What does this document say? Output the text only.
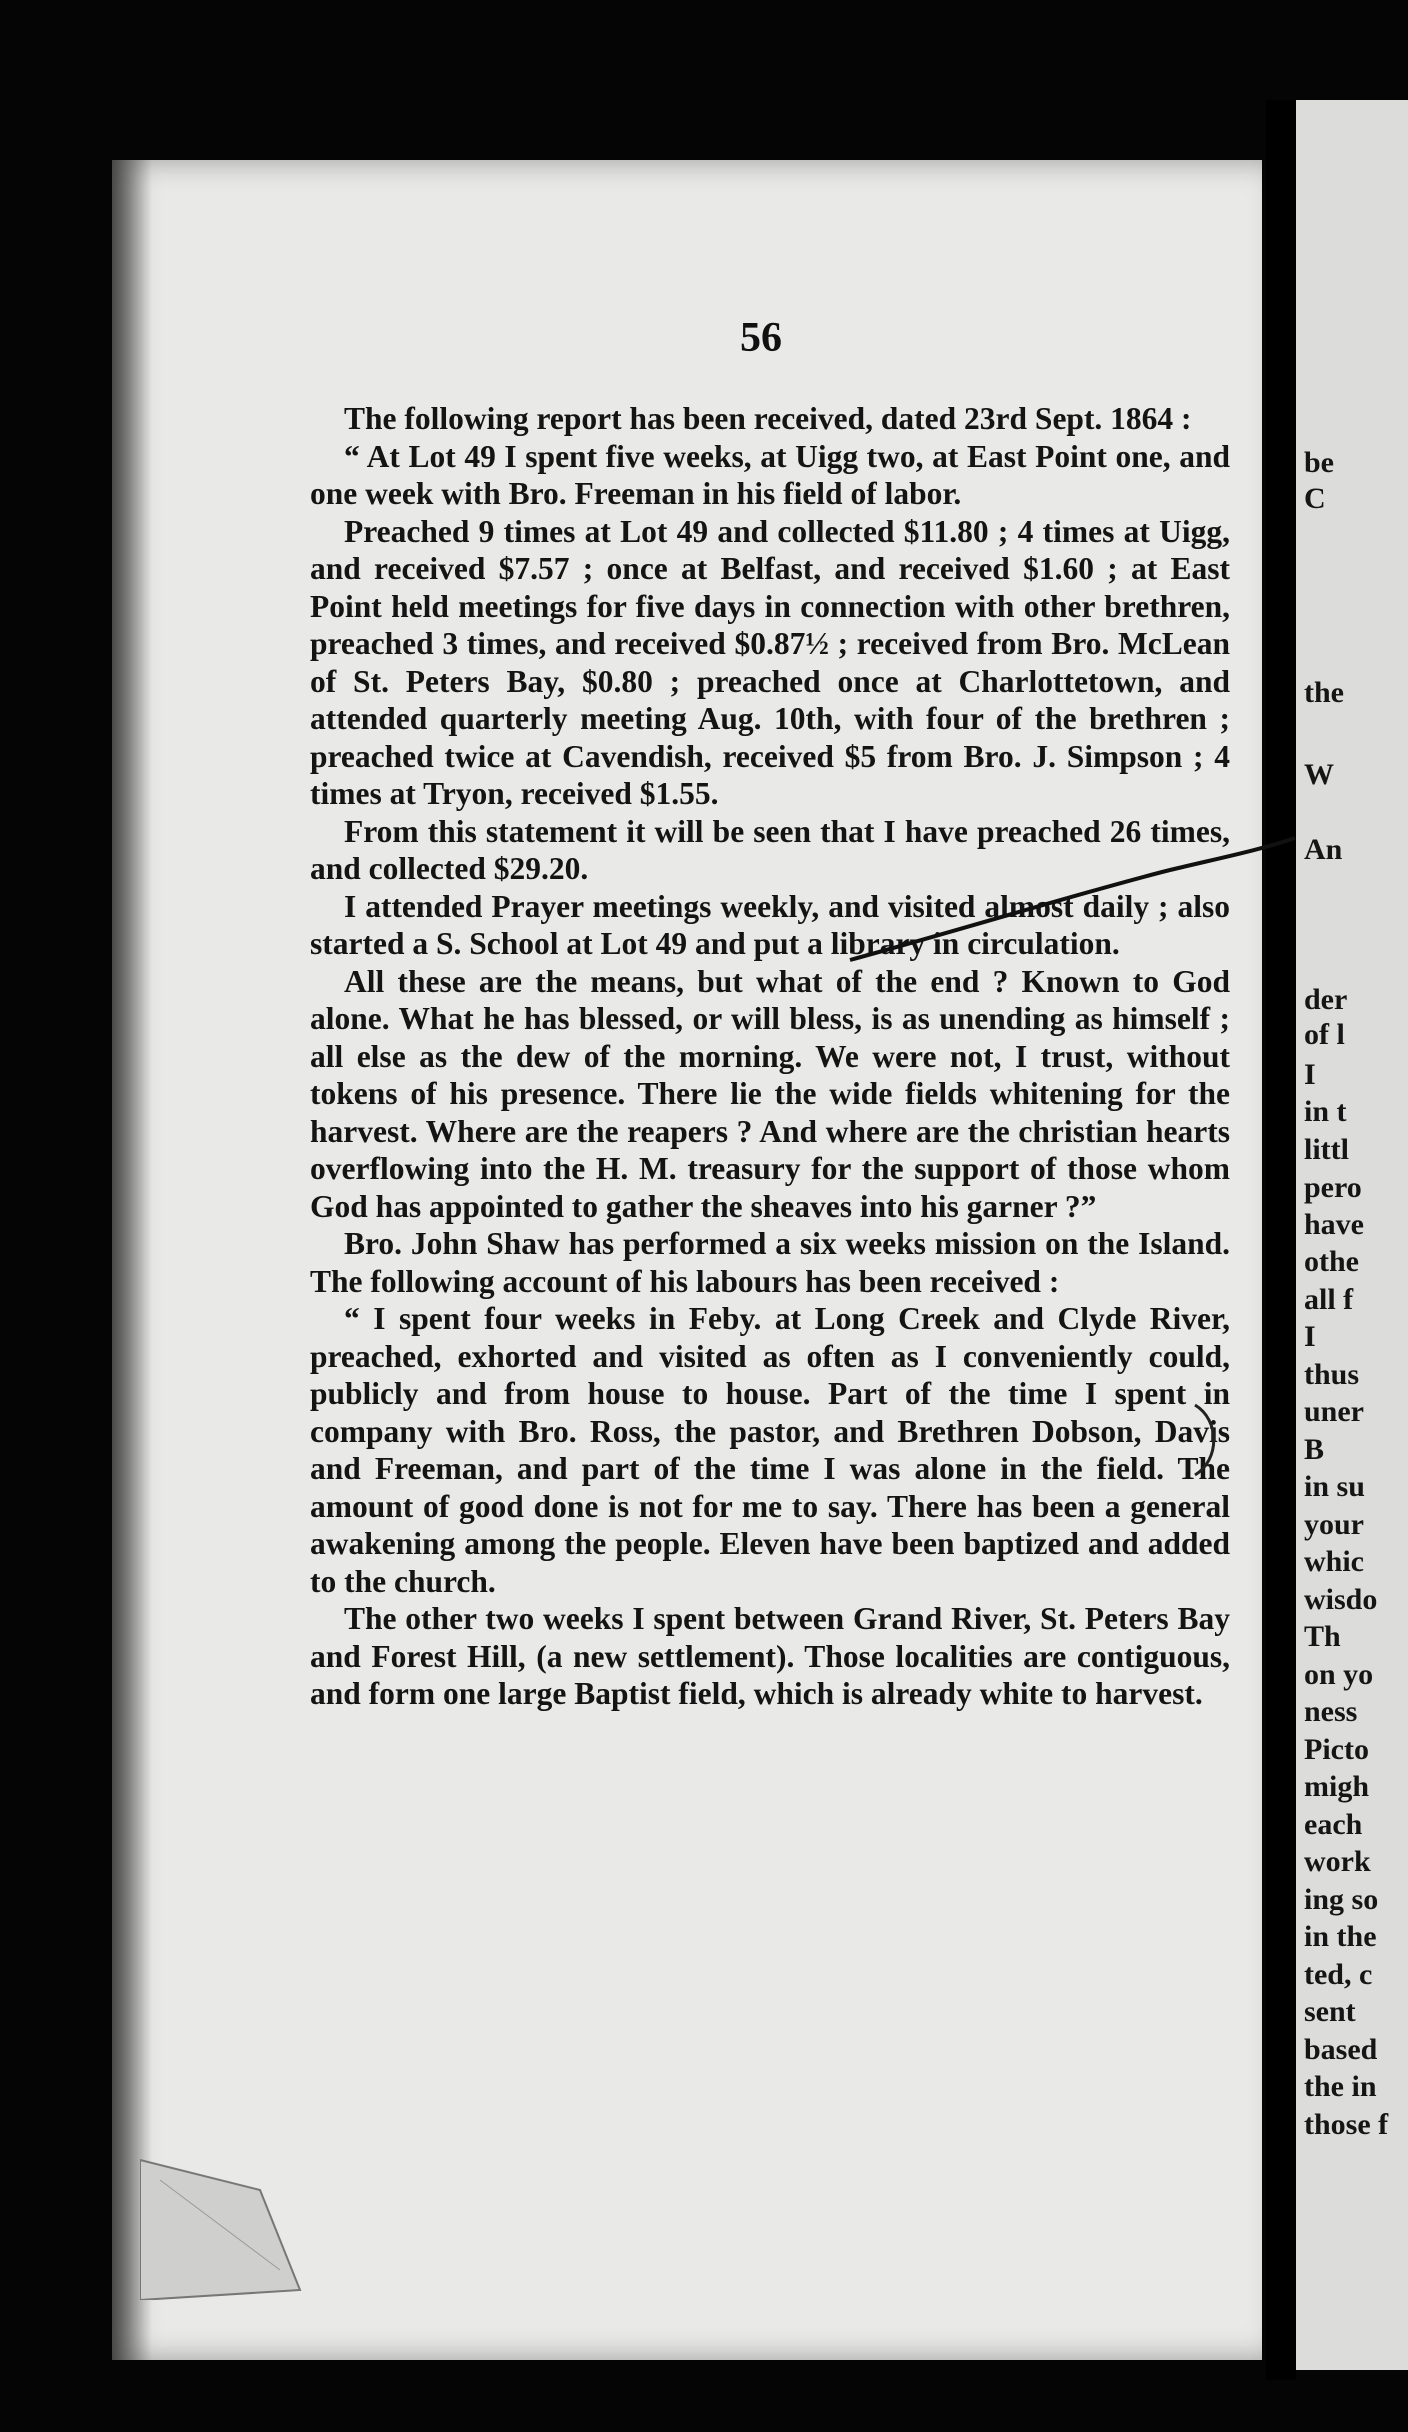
be
C
the
W
An
der
of l
I
in t
littl
pero
have
othe
all f
I
thus
uner
B
in su
your
whic
wisdo
Th
on yo
ness
Picto
migh
each
work
ing so
in the
ted, c
sent
based
the in
those f
56

The following report has been received, dated 23rd Sept. 1864 :

“ At Lot 49 I spent five weeks, at Uigg two, at East Point one, and one week with Bro. Freeman in his field of labor.

Preached 9 times at Lot 49 and collected $11.80 ; 4 times at Uigg, and received $7.57 ; once at Belfast, and received $1.60 ; at East Point held meetings for five days in connection with other brethren, preached 3 times, and received $0.87½ ; received from Bro. McLean of St. Peters Bay, $0.80 ; preached once at Charlottetown, and attended quarterly meeting Aug. 10th, with four of the brethren ; preached twice at Cavendish, received $5 from Bro. J. Simpson ; 4 times at Tryon, received $1.55.

From this statement it will be seen that I have preached 26 times, and collected $29.20.

I attended Prayer meetings weekly, and visited almost daily ; also started a S. School at Lot 49 and put a library in circulation.

All these are the means, but what of the end ? Known to God alone. What he has blessed, or will bless, is as unending as himself ; all else as the dew of the morning. We were not, I trust, without tokens of his presence. There lie the wide fields whitening for the harvest. Where are the reapers ? And where are the christian hearts overflowing into the H. M. treasury for the support of those whom God has appointed to gather the sheaves into his garner ?”

Bro. John Shaw has performed a six weeks mission on the Island. The following account of his labours has been received :

“ I spent four weeks in Feby. at Long Creek and Clyde River, preached, exhorted and visited as often as I conveniently could, publicly and from house to house. Part of the time I spent in company with Bro. Ross, the pastor, and Brethren Dobson, Davis and Freeman, and part of the time I was alone in the field. The amount of good done is not for me to say. There has been a general awakening among the people. Eleven have been baptized and added to the church.

The other two weeks I spent between Grand River, St. Peters Bay and Forest Hill, (a new settlement). Those localities are contiguous, and form one large Baptist field, which is already white to harvest.
